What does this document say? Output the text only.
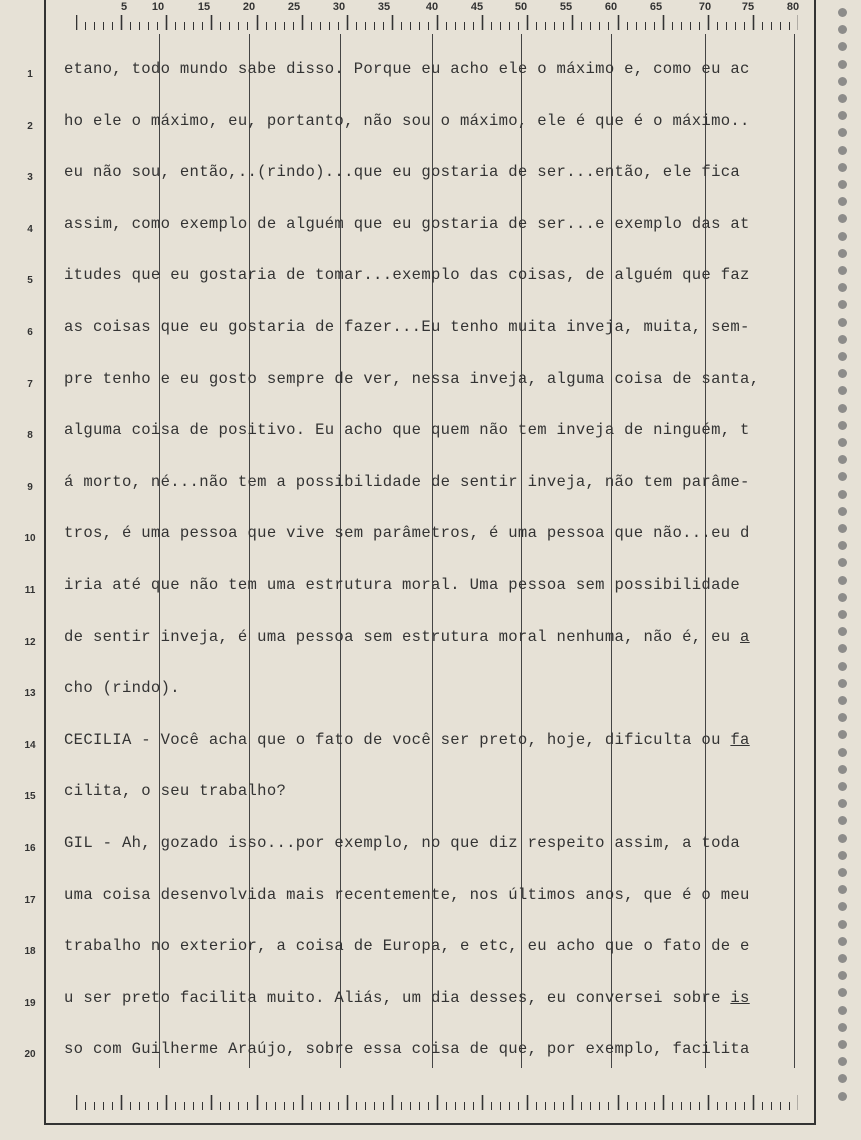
5 10	15	20	25	30	35	40	45	50	55	60	65	70	75	80
1	etano, todo mundo sabe disso. Porque eu acho ele o máximo e, como eu ac
2	ho ele o máximo, eu, portanto, não sou o máximo, ele é que é o máximo..
3	eu não sou, então,..(rindo)...que eu gostaria de ser...então, ele fica
4	assim, como exemplo de alguém que eu gostaria de ser...e exemplo das at
5	itudes que eu gostaria de tomar...exemplo das coisas, de alguém que faz
6	as coisas que eu gostaria de fazer...Eu tenho muita inveja, muita, sem-
7	pre tenho e eu gosto sempre de ver, nessa inveja, alguma coisa de santa,
8	alguma coisa de positivo. Eu acho que quem não tem inveja de ninguém, t
9	á morto, né...não tem a possibilidade de sentir inveja, não tem parâme-
10	tros, é uma pessoa que vive sem parâmetros, é uma pessoa que não...eu d
11	iria até que não tem uma estrutura moral. Uma pessoa sem possibilidade
12	de sentir inveja, é uma pessoa sem estrutura moral nenhuma, não é, eu a
13	cho (rindo).
14	CECILIA - Você acha que o fato de você ser preto, hoje, dificulta ou fa
15	cilita, o seu trabalho?
16	GIL - Ah, gozado isso...por exemplo, no que diz respeito assim, a toda
17	uma coisa desenvolvida mais recentemente, nos últimos anos, que é o meu
18	trabalho no exterior, a coisa de Europa, e etc, eu acho que o fato de e
19	u ser preto facilita muito. Aliás, um dia desses, eu conversei sobre is
20	so com Guilherme Araújo, sobre essa coisa de que, por exemplo, facilita
